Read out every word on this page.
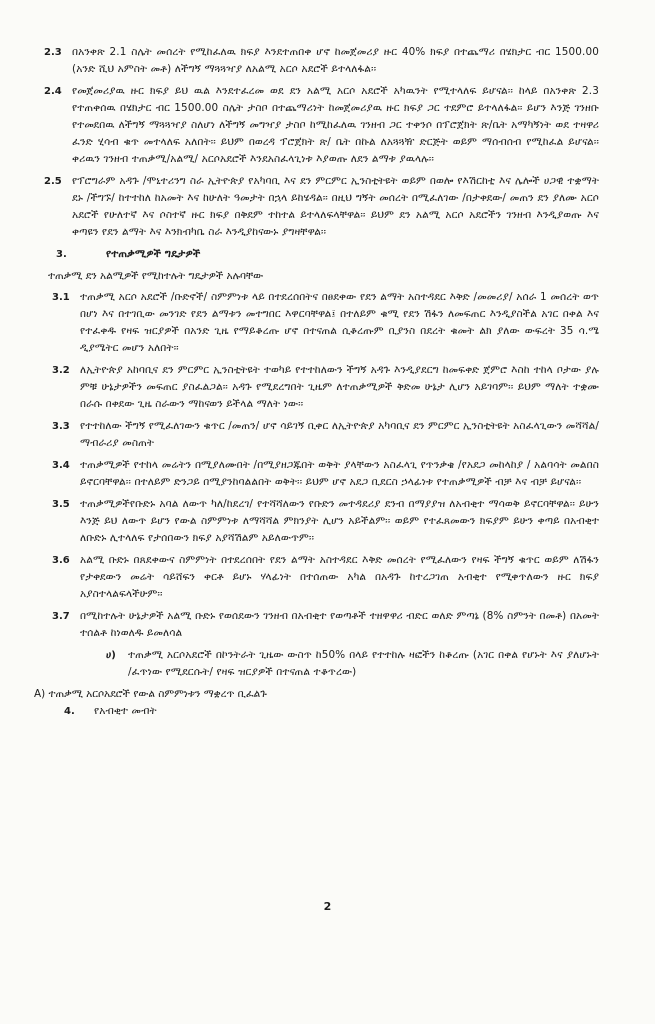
2.3 በአንቀጽ 2.1 ስሌት መሰረት የሚከፈለዉ ክፍያ እንደተጠበቀ ሆኖ ከመጀመሪያ ዙር 40% ክፍያ በተጨማሪ በሄክታር ብር 1500.00 (አንድ ሺህ አምስት መቶ) ለችግኝ ማጓጓዣያ ለአልሚ አርሶ አደሮች ይተላለፋል፡፡
2.4 የመጀመሪያዉ ዙር ክፍያ ይህ ዉል እንደተፈረመ ወደ ደን አልሚ አርሶ አደሮች አካዉንት የሚተላለፍ ይሆናል፡፡ ከላይ በአንቀጽ 2.3 የተጠቀሰዉ በሄክታር ብር 1500.00 ስሌት ታስቦ በተጨማሪነት ከመጀመሪያዉ ዙር ክፍያ ጋር ተደምሮ ይተላለፋል፡፡ ይሆን እንጅ ገንዘቡ የተመደበዉ ለችግኝ ማጓጓዣያ ስለሆነ ለችግኝ መግዣያ ታስቦ ከሚከፈለዉ ገንዘብ ጋር ተቀንሶ በፕሮጀክት ጽ/ቤት አማካኝነት ወደ ተዛዋሪ ፈንድ ሂሳብ ቁጥ መተላለፍ አለበት፡፡ ይህም በወረዳ ፕሮጀክት ጽ/ ቤት በኩል ለአጓጓዥ ድርጅት ወይም ማሰብሰብ የሚከፈል ይሆናል፡፡ ቀሪዉን ገንዘብ ተጠቃሚ/አልሚ/ አርሶአደሮች እንደአስፈላጊነቱ እያወጡ ለደን ልማቱ ያዉላሉ፡፡
2.5 የፕሮግራም አዳጉ /ሞኒተሪንግ ስራ ኢትዮጵያ የአካባቢ እና ደን ምርምር ኢንስቲትዩት ወይም በወሎ የእሽርከቲ እና ሌሎች ሀጋዊ ተቋማት ደኑ /ችግኙ/ ከተተከለ ከአመት እና ከሁለት ዓመታት በኋላ ይከሄዳል፡፡ በዚህ ግኝት መሰረት በሚፈለገው /በታቀደው/ መጠን ደን ያለሙ አርሶ አደሮች የሁለተኛ እና ሶስተኛ ዙር ክፍያ በቅደም ተከተል ይተላለፍላቸዋል፡፡ ይህም ደን አልሚ አርሶ አደሮችን ገንዘብ እንዲያወጡ እና ቀጣዩን የደን ልማት እና እንክብካቤ ስራ እንዲያከናውኑ ያግዛቸዋል፡፡
3.	የተጠቃሚዎች ግዴታዎች
ተጠቃሚ ደን አልሚዎች የሚከተሉት ግዴታዎች አሉባቸው
3.1 ተጠቃሚ አርሶ አደሮች /ቡድኖች/ ስምምነቱ ላይ በተደረሰበትና በፀደቀው የደን ልማት አስተዳደር እቅድ /መመሪያ/ አሰራ 1 መሰረት ወጥ በሆነ እና በተገቢው መንገድ የደን ልማቱን መተግበር እዋርባቸዋል፤ በተለይም ቁሚ የደን ሽፋን ለመፍጠር እንዲያስችል አገር በቀል እና የተፈቀዱ የዛፍ ዝርያዎች በአንድ ጊዜ የማይቆረጡ ሆኖ በተናጠል ሲቆረጡም ቢያንስ በደረት ቁመት ልክ ያለው ውፍረት 35 ሳ.ሜ ዲያሜትር መሆን አለበት፡፡
3.2 ለኢትዮጵያ አከባቢና ደን ምርምር ኢንስቲትዩት ተወካይ የተተከለውን ችግኝ አዳጉ እንዲያደርግ ከመፍቀድ ጀምሮ እስከ ተከላ ቦታው ያሉ ምቹ ሁኔታዎችን መፍጠር ያስፈልጋል፡፡ አዳጉ የሚደረግበት ጊዜም ለተጠቃሚዎች ቅድመ ሁኔታ ሊሆን አይገባም፡፡ ይህም ማለት ተቋሙ በራሱ በቀደው ጊዜ ስራውን ማከናወን ይችላል ማለት ነው፡፡
3.3 የተተከለው ችግኝ የሚፈለገውን ቁጥር /መጠን/ ሆኖ ሳይገኝ ቢቀር ለኢትዮጵያ አካባቢና ደን ምርምር ኢንስቲትዩት አስፈላጊውን መሻሻል/ማብራሪያ መስጠት
3.4 ተጠቃሚዎች የተከላ መሬትን በሚያለሙበት /በሚያዘጋጁበት ወቅት ያላቸውን አስፈላጊ የጥንቃቄ /የአደጋ መከላከያ / አልባሳት መልበስ ይኖርባቸዋል፡፡ በተለይም ድንጋይ በሚያንከባልልበት ወቅት፡፡ ይህም ሆኖ አደጋ ቢደርስ ኃላፊነቱ የተጠቃሚዎች ብቻ እና ብቻ ይሆናል፡፡
3.5 ተጠቃሚዎችየቡድኑ አባል ለውጥ ካለ/ከደረገ/ የተሻሻለውን የቡድን መተዳደሪያ ደንብ በማያያዝ ለአብቂተ ማሳወቅ ይኖርባቸዋል፡፡ ይሁን እንጅ ይህ ለውጥ ይሆን የውል ስምምነቱ ለማሻሻል ምክንያት ሊሆን አይችልም፡፡ ወይም የተፈጸመውን ክፍያም ይሁን ቀጣይ በአብቂተ ለቡድኑ ሊተላለፍ የታሰበውን ክፍያ አያሻሽልም አይለውጥም፡፡
3.6 አልሚ ቡድኑ በጸደቀውና ስምምነት በተደረሰበት የደን ልማት አስተዳደር እቅድ መሰረት የሚፈለውን የዛፍ ችግኝ ቁጥር ወይም ለሽፋን የታቀደውን መሬት ሳይሸፍን ቀርቶ ይሆኑ ሃላፊነት በተሰጠው አካል በአዳጉ ከተረጋገጠ አብቂተ የሚቀጥለውን ዙር ክፍያ አያስተላልፍላችሁም፡፡
3.7 በሚከተሉት ሁኔታዎች አልሚ ቡድኑ የወሰደውን ገንዘብ በአብቂተ የወጣቶች ተዘዋዋሪ ብድር ወለድ ምጣኔ (8% ስምንት በመቶ) በአመት ተሰልቶ ከነወለዱ ይመለሳል
ሀ)	ተጠቃሚ አርሶአደሮች በኮንትራት ጊዜው ውስጥ ከ50% በላይ የተተከሉ ዛፎችን ከቆረጡ (አገር በቀል የሆኑት እና ያለሆኑት /ፈጥነው የሚደርሱት/ የዛፍ ዝርያዎች በተናጠል ተቆጥረው)
A) ተጠቃሚ አርሶአደሮች የውል ስምምነቱን ማቋረጥ ቢፈልጉ
4.	የአብቂተ መብት
2
